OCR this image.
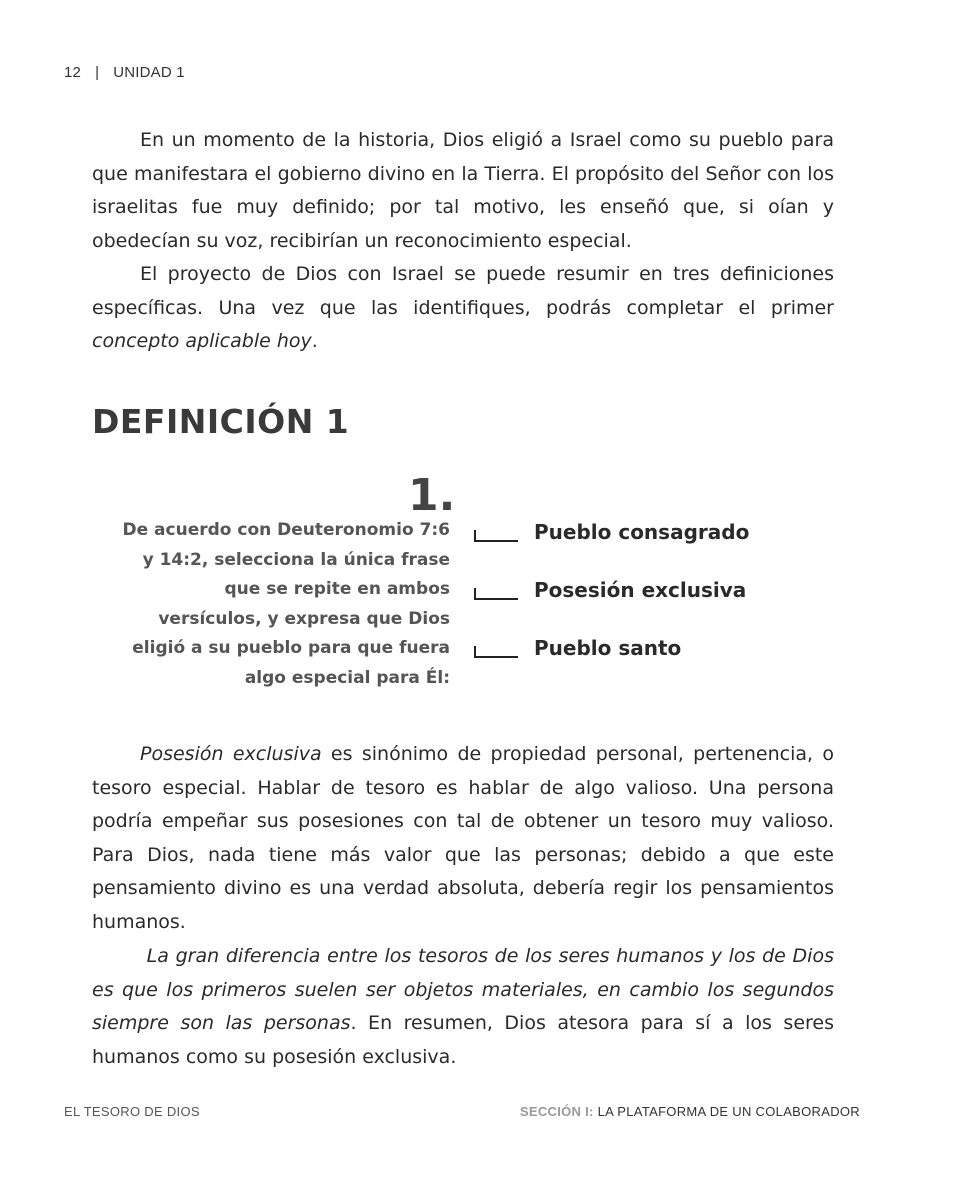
12 | UNIDAD 1
En un momento de la historia, Dios eligió a Israel como su pueblo para que manifestara el gobierno divino en la Tierra. El propósito del Señor con los israelitas fue muy definido; por tal motivo, les enseñó que, si oían y obedecían su voz, recibirían un reconocimiento especial.
El proyecto de Dios con Israel se puede resumir en tres definiciones específicas. Una vez que las identifiques, podrás completar el primer concepto aplicable hoy.
DEFINICIÓN 1
1.
De acuerdo con Deuteronomio 7:6 y 14:2, selecciona la única frase que se repite en ambos versículos, y expresa que Dios eligió a su pueblo para que fuera algo especial para Él:
Pueblo consagrado
Posesión exclusiva
Pueblo santo
Posesión exclusiva es sinónimo de propiedad personal, pertenencia, o tesoro especial. Hablar de tesoro es hablar de algo valioso. Una persona podría empeñar sus posesiones con tal de obtener un tesoro muy valioso. Para Dios, nada tiene más valor que las personas; debido a que este pensamiento divino es una verdad absoluta, debería regir los pensamientos humanos.
La gran diferencia entre los tesoros de los seres humanos y los de Dios es que los primeros suelen ser objetos materiales, en cambio los segundos siempre son las personas. En resumen, Dios atesora para sí a los seres humanos como su posesión exclusiva.
EL TESORO DE DIOS	SECCIÓN I: LA PLATAFORMA DE UN COLABORADOR
